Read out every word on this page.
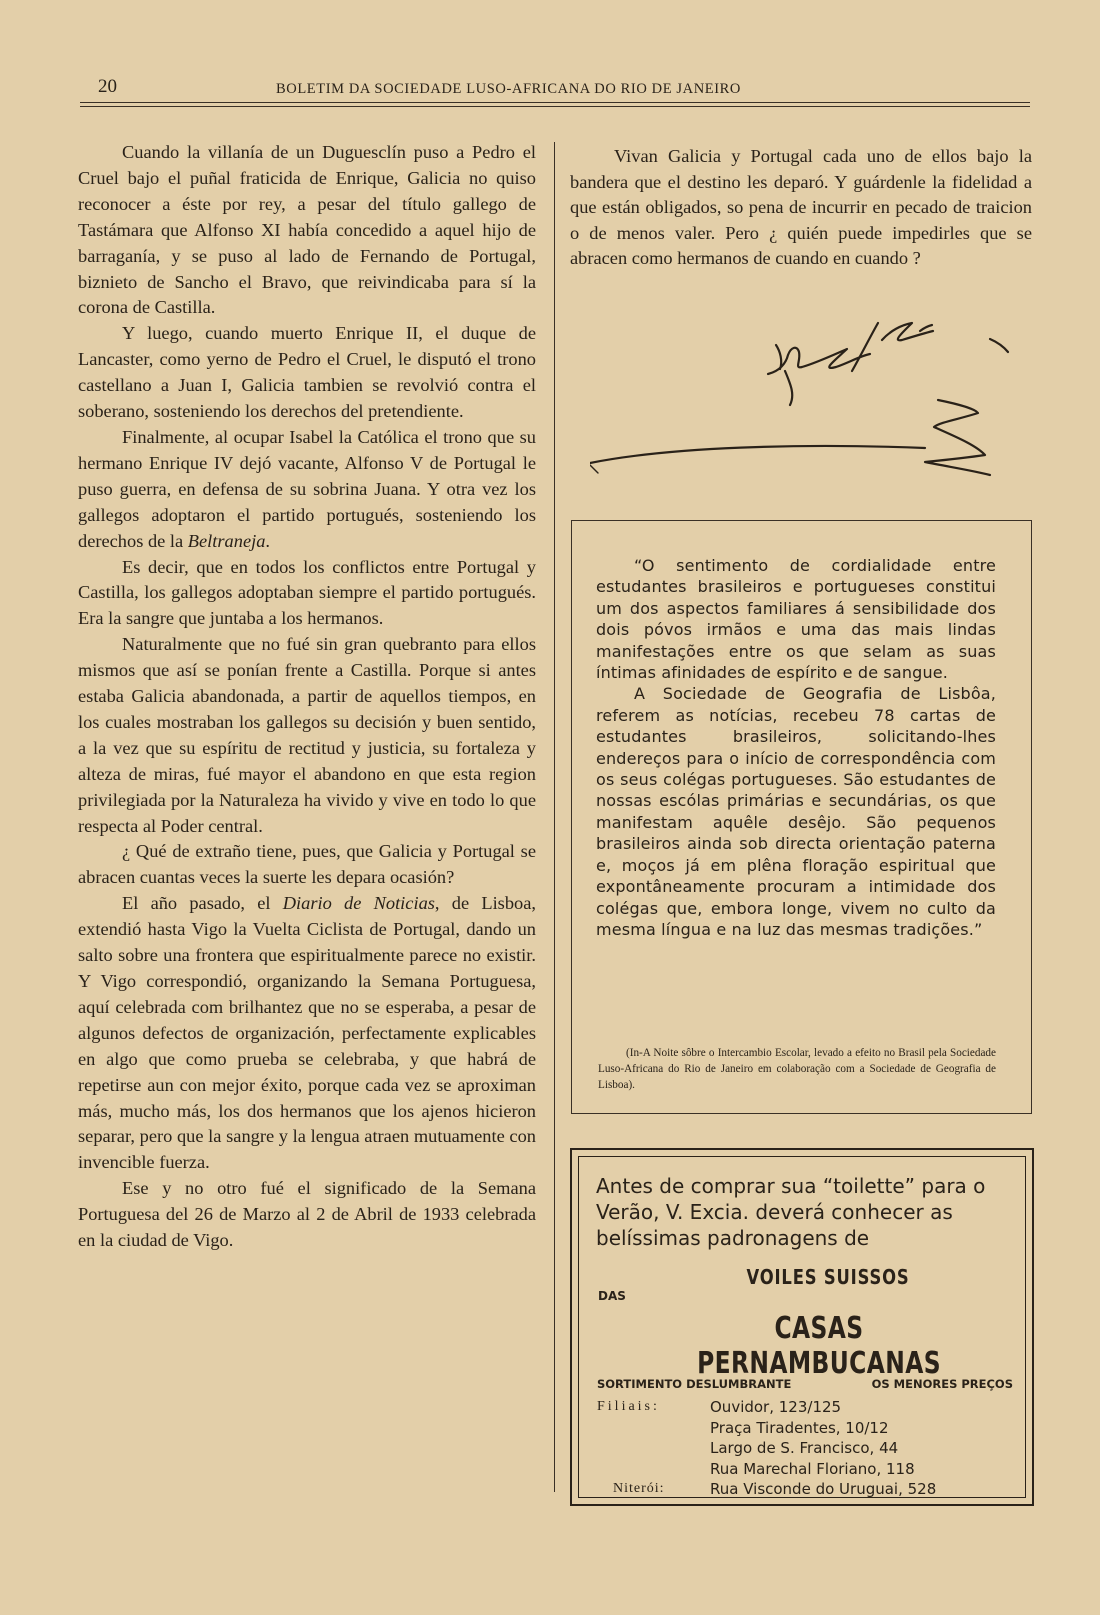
20	BOLETIM DA SOCIEDADE LUSO-AFRICANA DO RIO DE JANEIRO

Cuando la villanía de un Duguesclín puso a Pedro el Cruel bajo el puñal fraticida de Enrique, Galicia no quiso reconocer a éste por rey, a pesar del título gallego de Tastámara que Alfonso XI había concedido a aquel hijo de barraganía, y se puso al lado de Fernando de Portugal, biznieto de Sancho el Bravo, que reivindicaba para sí la corona de Castilla.

Y luego, cuando muerto Enrique II, el duque de Lancaster, como yerno de Pedro el Cruel, le disputó el trono castellano a Juan I, Galicia tambien se revolvió contra el soberano, sosteniendo los derechos del pretendiente.

Finalmente, al ocupar Isabel la Católica el trono que su hermano Enrique IV dejó vacante, Alfonso V de Portugal le puso guerra, en defensa de su sobrina Juana. Y otra vez los gallegos adoptaron el partido portugués, sosteniendo los derechos de la Beltraneja.

Es decir, que en todos los conflictos entre Portugal y Castilla, los gallegos adoptaban siempre el partido portugués. Era la sangre que juntaba a los hermanos.

Naturalmente que no fué sin gran quebranto para ellos mismos que así se ponían frente a Castilla. Porque si antes estaba Galicia abandonada, a partir de aquellos tiempos, en los cuales mostraban los gallegos su decisión y buen sentido, a la vez que su espíritu de rectitud y justicia, su fortaleza y alteza de miras, fué mayor el abandono en que esta region privilegiada por la Naturaleza ha vivido y vive en todo lo que respecta al Poder central.

¿ Qué de extraño tiene, pues, que Galicia y Portugal se abracen cuantas veces la suerte les depara ocasión?

El año pasado, el Diario de Noticias, de Lisboa, extendió hasta Vigo la Vuelta Ciclista de Portugal, dando un salto sobre una frontera que espiritualmente parece no existir. Y Vigo correspondió, organizando la Semana Portuguesa, aquí celebrada com brilhantez que no se esperaba, a pesar de algunos defectos de organización, perfectamente explicables en algo que como prueba se celebraba, y que habrá de repetirse aun con mejor éxito, porque cada vez se aproximan más, mucho más, los dos hermanos que los ajenos hicieron separar, pero que la sangre y la lengua atraen mutuamente con invencible fuerza.

Ese y no otro fué el significado de la Semana Portuguesa del 26 de Marzo al 2 de Abril de 1933 celebrada en la ciudad de Vigo.

Vivan Galicia y Portugal cada uno de ellos bajo la bandera que el destino les deparó. Y guárdenle la fidelidad a que están obligados, so pena de incurrir en pecado de traicion o de menos valer. Pero ¿ quién puede impedirles que se abracen como hermanos de cuando en cuando ?

“O sentimento de cordialidade entre estudantes brasileiros e portugueses constitui um dos aspectos familiares á sensibilidade dos dois póvos irmãos e uma das mais lindas manifestações entre os que selam as suas íntimas afinidades de espírito e de sangue.

A Sociedade de Geografia de Lisbôa, referem as notícias, recebeu 78 cartas de estudantes brasileiros, solicitando-lhes endereços para o início de correspondência com os seus colégas portugueses. São estudantes de nossas escólas primárias e secundárias, os que manifestam aquêle desêjo. São pequenos brasileiros ainda sob directa orientação paterna e, moços já em plêna floração espiritual que expontâneamente procuram a intimidade dos colégas que, embora longe, vivem no culto da mesma língua e na luz das mesmas tradições.”

(In-A Noite sôbre o Intercambio Escolar, levado a efeito no Brasil pela Sociedade Luso-Africana do Rio de Janeiro em colaboração com a Sociedade de Geografia de Lisboa).
Antes de comprar sua “toilette” para o Verão, V. Excia. deverá conhecer as belíssimas padronagens de
VOILES SUISSOS
DAS
CASAS PERNAMBUCANAS
SORTIMENTO DESLUMBRANTE	OS MENORES PREÇOS
Filiais:	Ouvidor, 123/125
Praça Tiradentes, 10/12
Largo de S. Francisco, 44
Rua Marechal Floriano, 118
Niterói:	Rua Visconde do Uruguai, 528
